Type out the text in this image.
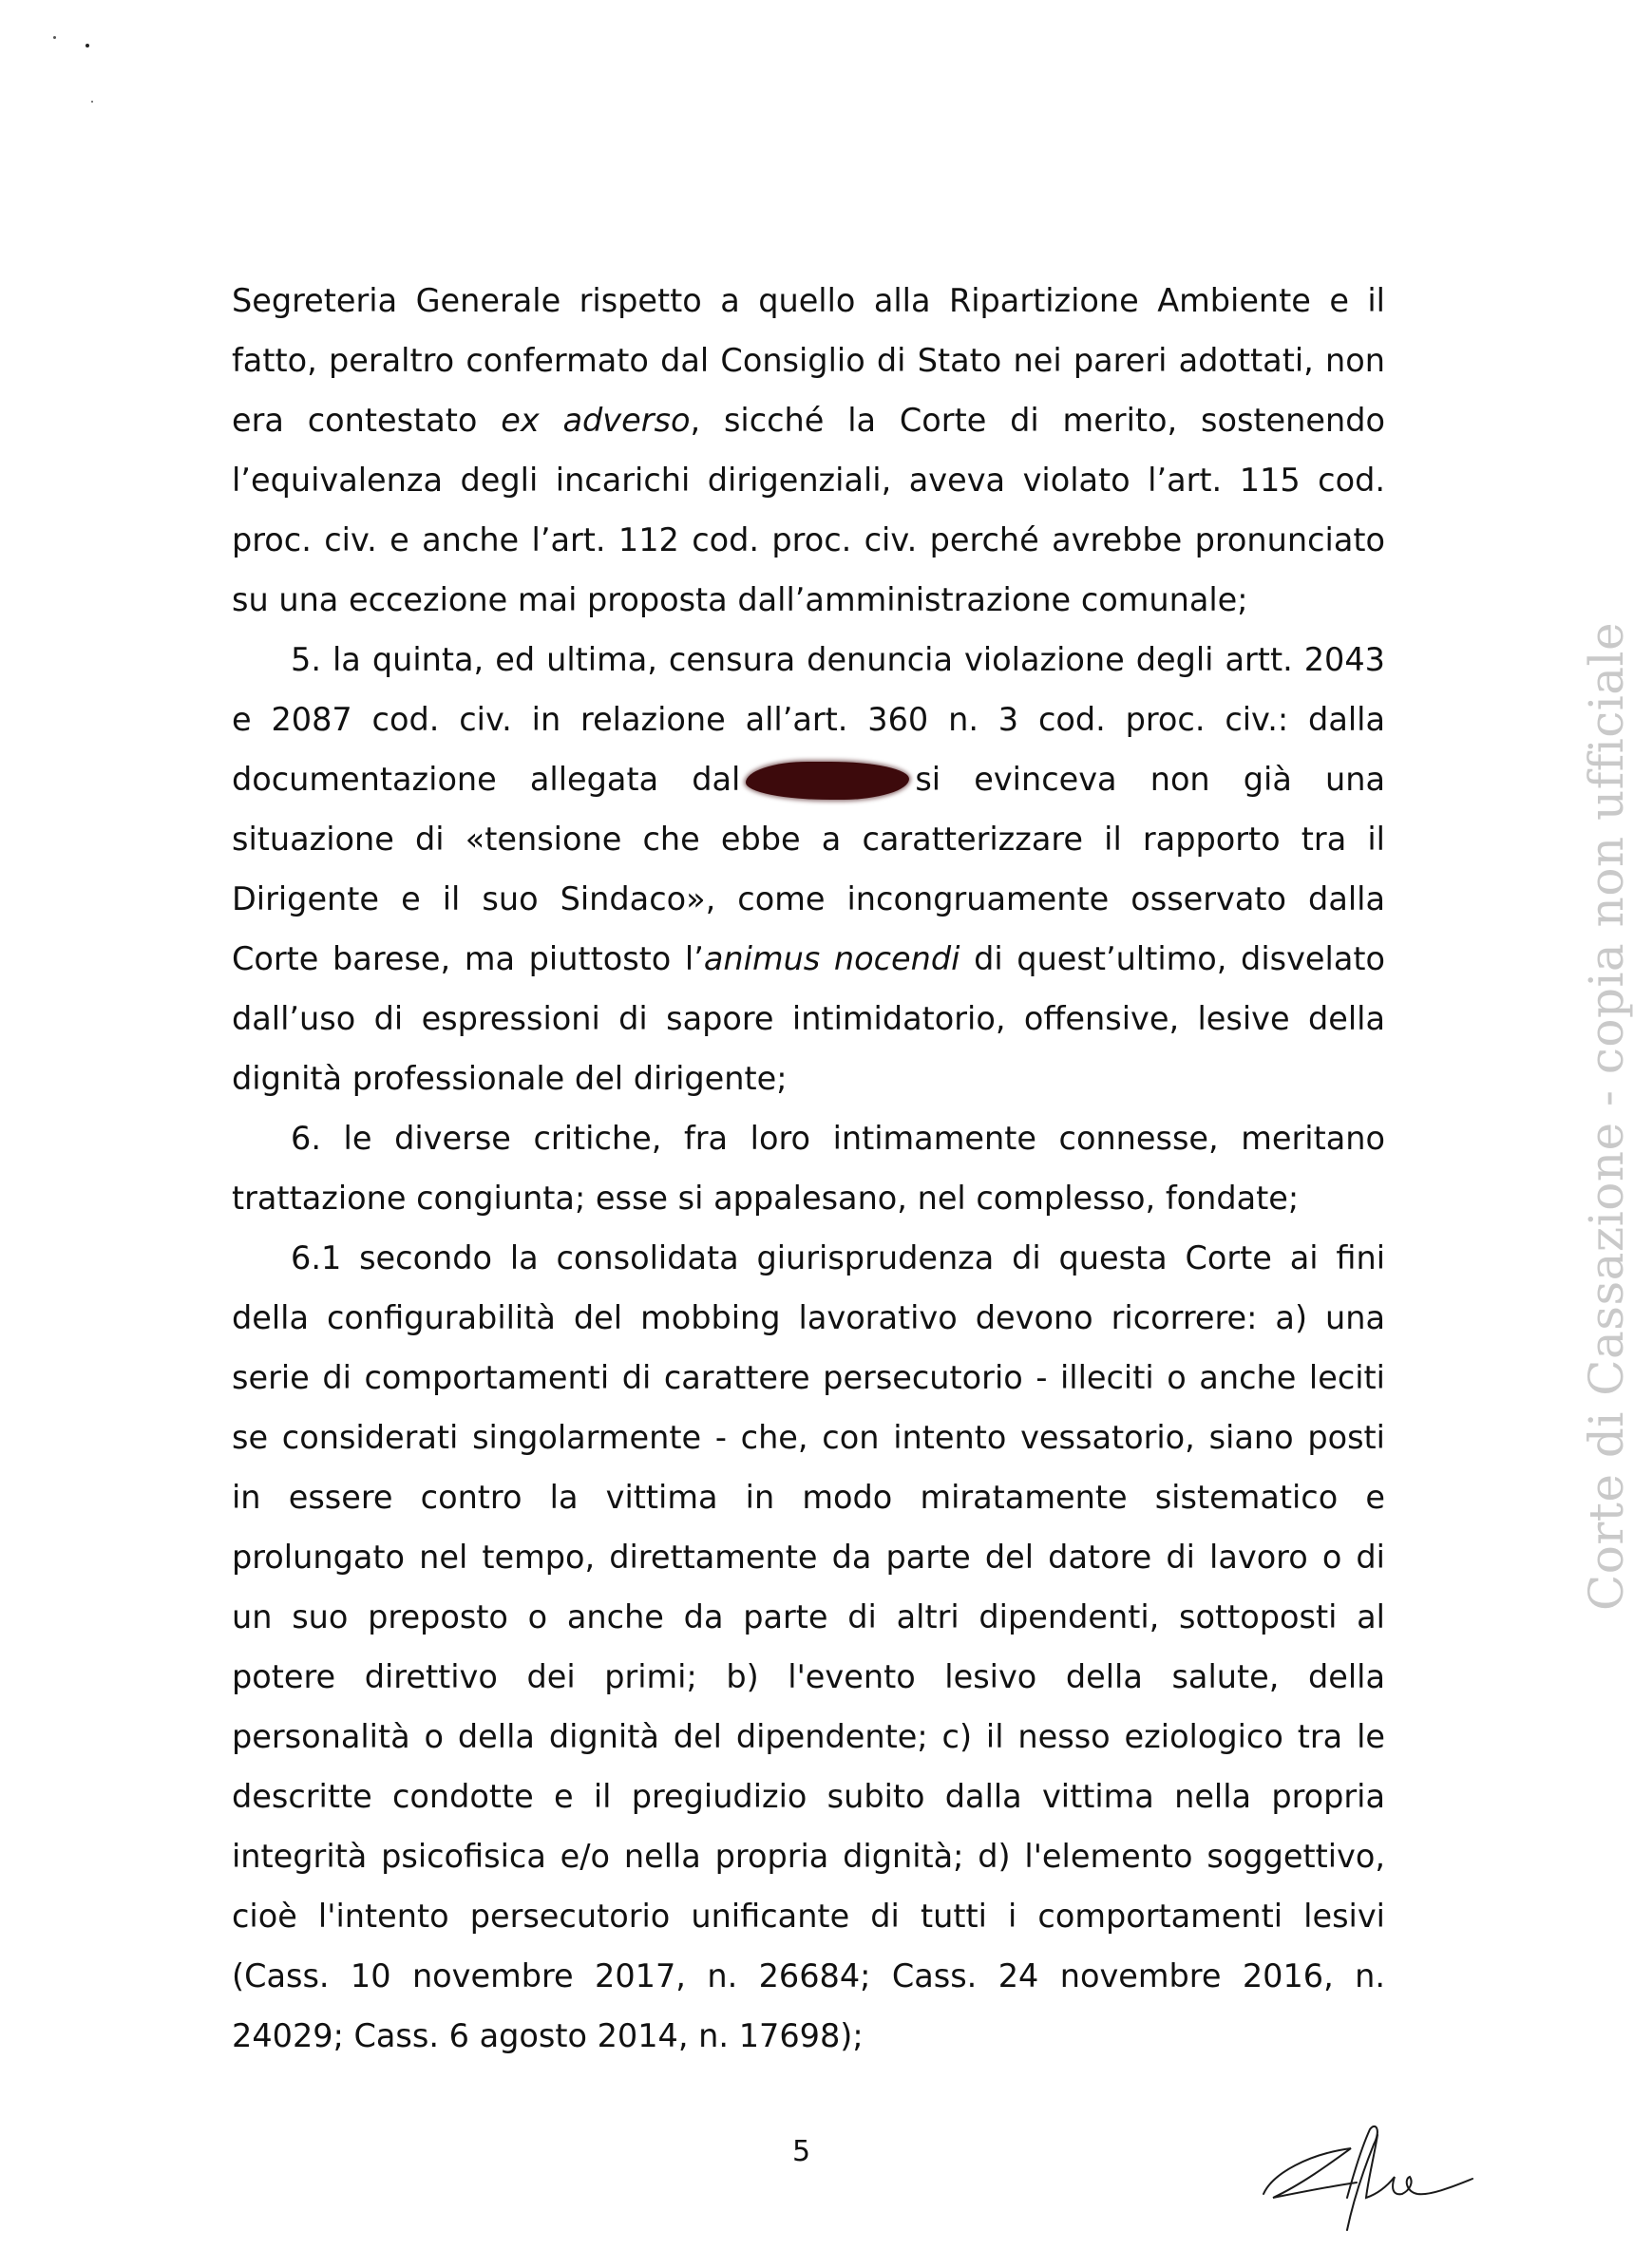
Segreteria Generale rispetto a quello alla Ripartizione Ambiente e il fatto, peraltro confermato dal Consiglio di Stato nei pareri adottati, non era contestato ex adverso, sicché la Corte di merito, sostenendo l’equivalenza degli incarichi dirigenziali, aveva violato l’art. 115 cod. proc. civ. e anche l’art. 112 cod. proc. civ. perché avrebbe pronunciato su una eccezione mai proposta dall’amministrazione comunale;

5. la quinta, ed ultima, censura denuncia violazione degli artt. 2043 e 2087 cod. civ. in relazione all’art. 360 n. 3 cod. proc. civ.: dalla documentazione allegata dal	si evinceva non già una situazione di «tensione che ebbe a caratterizzare il rapporto tra il Dirigente e il suo Sindaco», come incongruamente osservato dalla Corte barese, ma piuttosto l’animus nocendi di quest’ultimo, disvelato dall’uso di espressioni di sapore intimidatorio, offensive, lesive della dignità professionale del dirigente;

6. le diverse critiche, fra loro intimamente connesse, meritano trattazione congiunta; esse si appalesano, nel complesso, fondate;

6.1 secondo la consolidata giurisprudenza di questa Corte ai fini della configurabilità del mobbing lavorativo devono ricorrere: a) una serie di comportamenti di carattere persecutorio - illeciti o anche leciti se considerati singolarmente - che, con intento vessatorio, siano posti in essere contro la vittima in modo miratamente sistematico e prolungato nel tempo, direttamente da parte del datore di lavoro o di un suo preposto o anche da parte di altri dipendenti, sottoposti al potere direttivo dei primi; b) l'evento lesivo della salute, della personalità o della dignità del dipendente; c) il nesso eziologico tra le descritte condotte e il pregiudizio subito dalla vittima nella propria integrità psicofisica e/o nella propria dignità; d) l'elemento soggettivo, cioè l'intento persecutorio unificante di tutti i comportamenti lesivi (Cass. 10 novembre 2017, n. 26684; Cass. 24 novembre 2016, n. 24029; Cass. 6 agosto 2014, n. 17698);

5
Corte di Cassazione - copia non ufficiale
